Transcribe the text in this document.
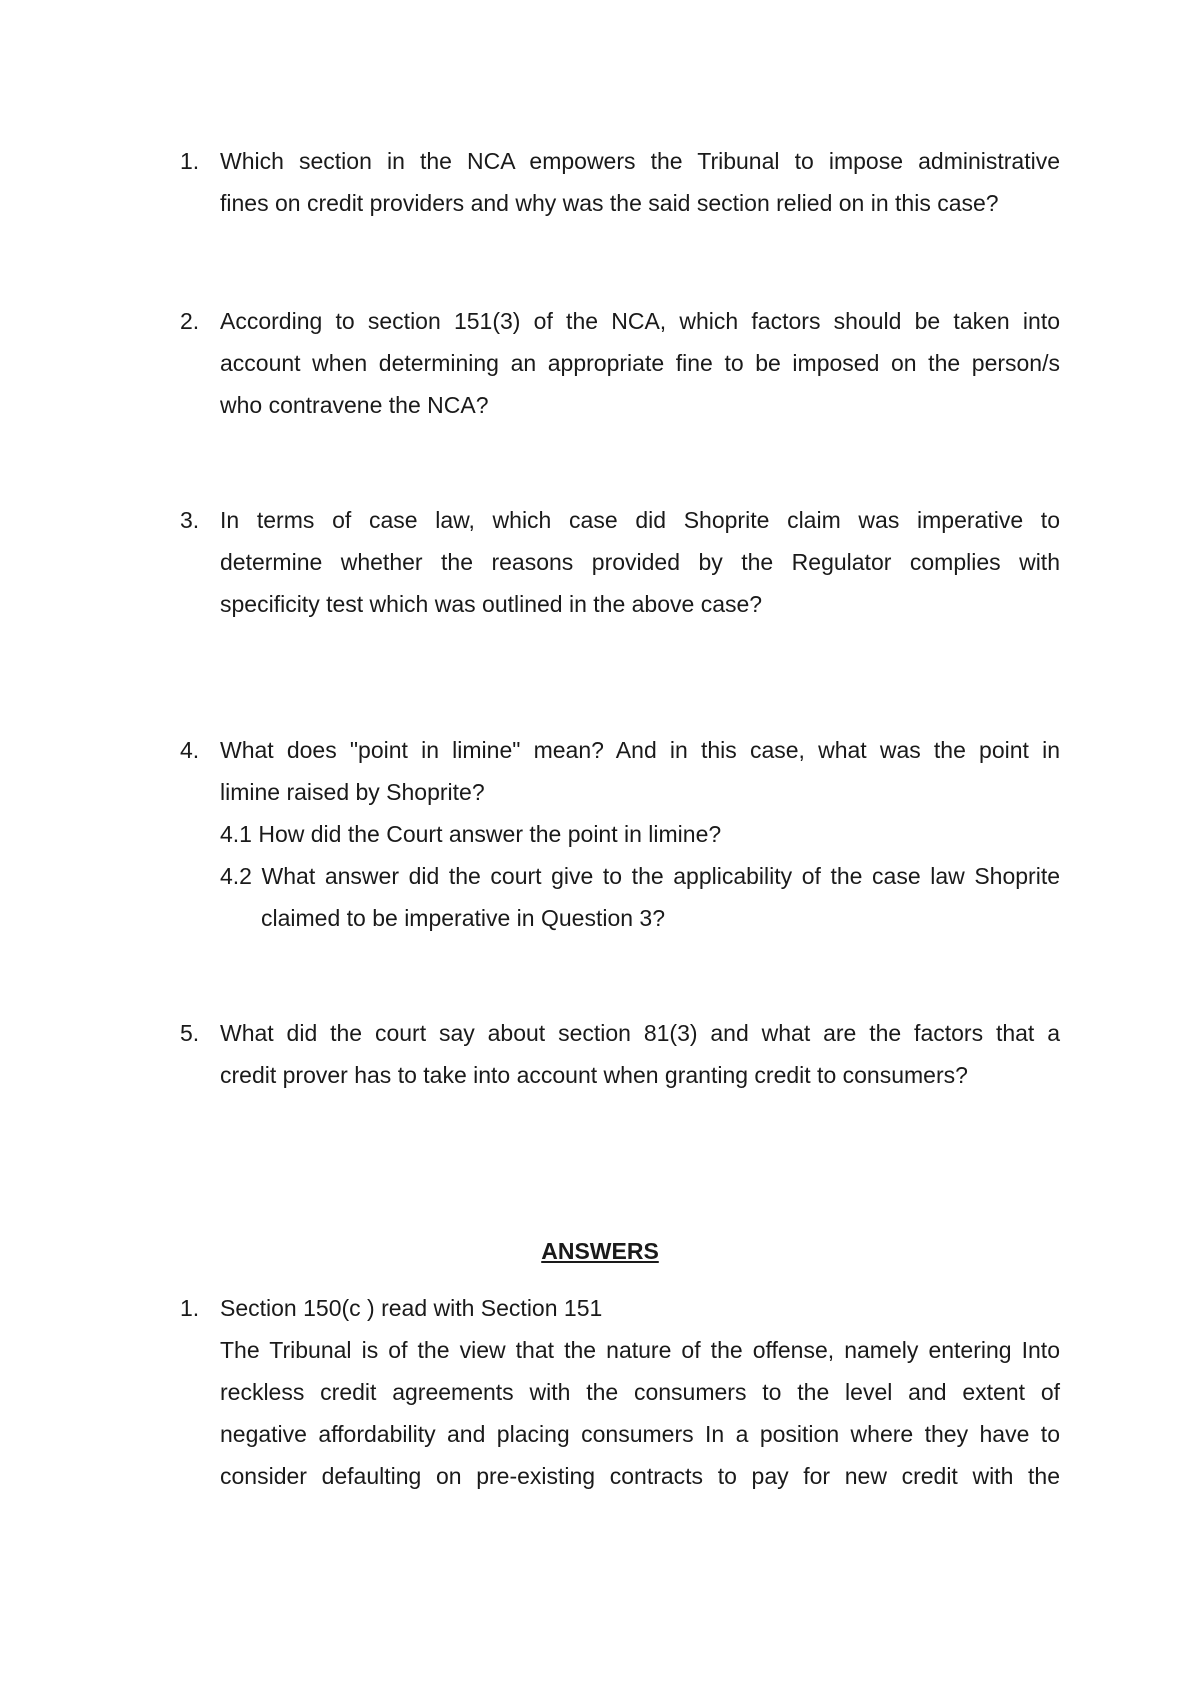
1. Which section in the NCA empowers the Tribunal to impose administrative
fines on credit providers and why was the said section relied on in this case?
2. According to section 151(3) of the NCA, which factors should be taken into
account when determining an appropriate fine to be imposed on the person/s
who contravene the NCA?
3. In terms of case law, which case did Shoprite claim was imperative to
determine whether the reasons provided by the Regulator complies with
specificity test which was outlined in the above case?
4. What does "point in limine" mean? And in this case, what was the point in
limine raised by Shoprite?
4.1 How did the Court answer the point in limine?
4.2 What answer did the court give to the applicability of the case law Shoprite
claimed to be imperative in Question 3?
5. What did the court say about section 81(3) and what are the factors that a
credit prover has to take into account when granting credit to consumers?
ANSWERS
1. Section 150(c ) read with Section 151
The Tribunal is of the view that the nature of the offense, namely entering Into
reckless credit agreements with the consumers to the level and extent of
negative affordability and placing consumers In a position where they have to
consider defaulting on pre-existing contracts to pay for new credit with the
